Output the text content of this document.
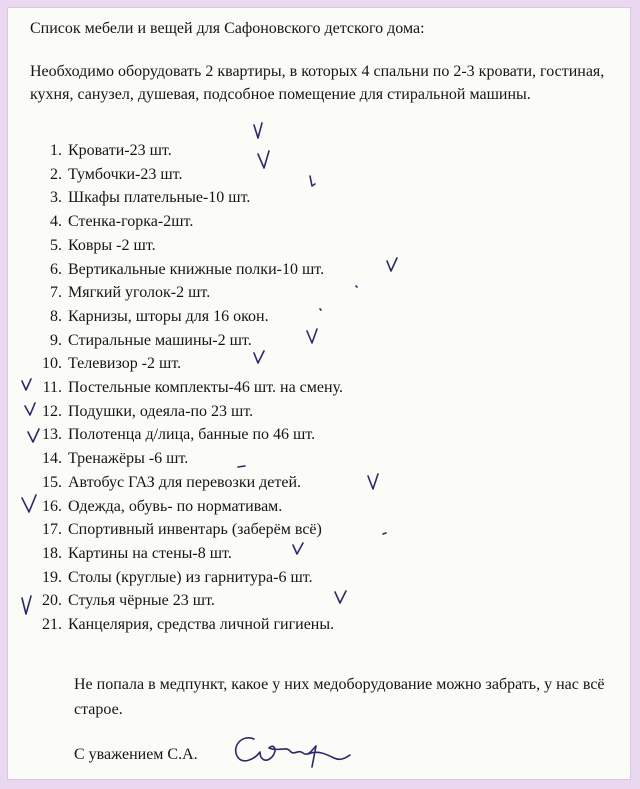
Список мебели и вещей для Сафоновского детского дома:
Необходимо оборудовать 2 квартиры, в которых 4 спальни по 2-3 кровати, гостиная, кухня, санузел, душевая, подсобное помещение для стиральной машины.
1. Кровати-23 шт.
2. Тумбочки-23 шт.
3. Шкафы плательные-10 шт.
4. Стенка-горка-2шт.
5. Ковры -2 шт.
6. Вертикальные книжные полки-10 шт.
7. Мягкий уголок-2 шт.
8. Карнизы, шторы для 16 окон.
9. Стиральные машины-2 шт.
10. Телевизор -2 шт.
11. Постельные комплекты-46 шт. на смену.
12. Подушки, одеяла-по 23 шт.
13. Полотенца д/лица, банные по 46 шт.
14. Тренажёры -6 шт.
15. Автобус ГАЗ для перевозки детей.
16. Одежда, обувь- по нормативам.
17. Спортивный инвентарь (заберём всё)
18. Картины на стены-8 шт.
19. Столы (круглые) из гарнитура-6 шт.
20. Стулья чёрные 23 шт.
21. Канцелярия, средства личной гигиены.
Не попала в медпункт, какое у них медоборудование можно забрать, у нас всё старое.
С уважением С.А.
